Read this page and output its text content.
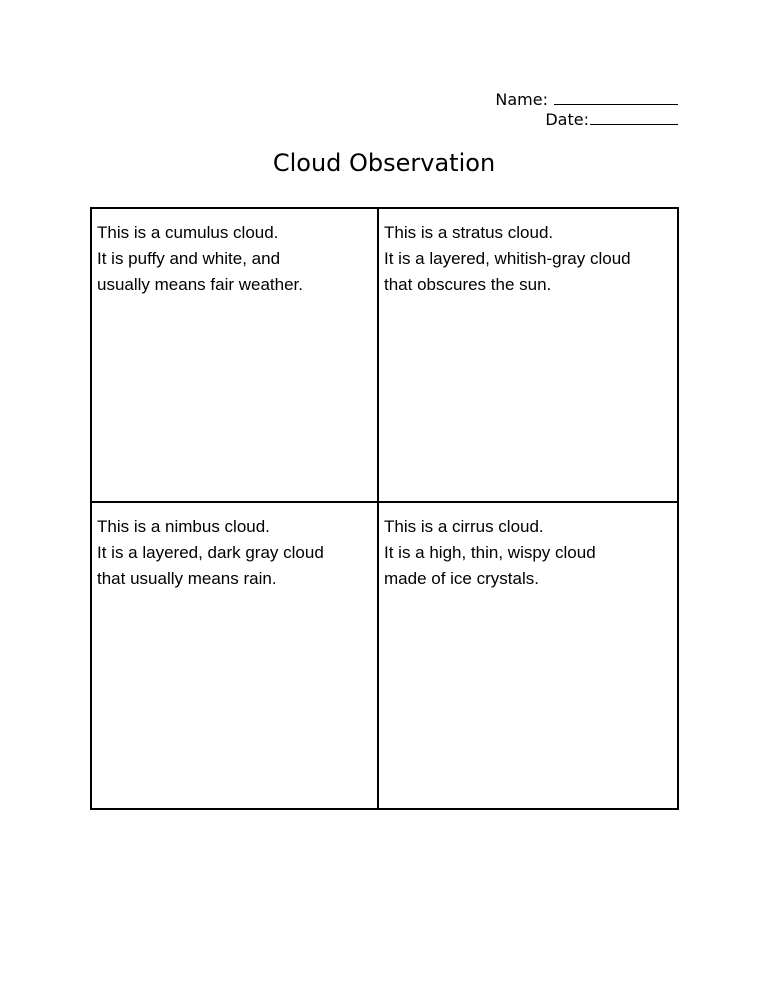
Name:
Date:
Cloud Observation
This is a cumulus cloud.
It is puffy and white, and
usually means fair weather.
This is a stratus cloud.
It is a layered, whitish-gray cloud
that obscures the sun.
This is a nimbus cloud.
It is a layered, dark gray cloud
that usually means rain.
This is a cirrus cloud.
It is a high, thin, wispy cloud
made of ice crystals.
